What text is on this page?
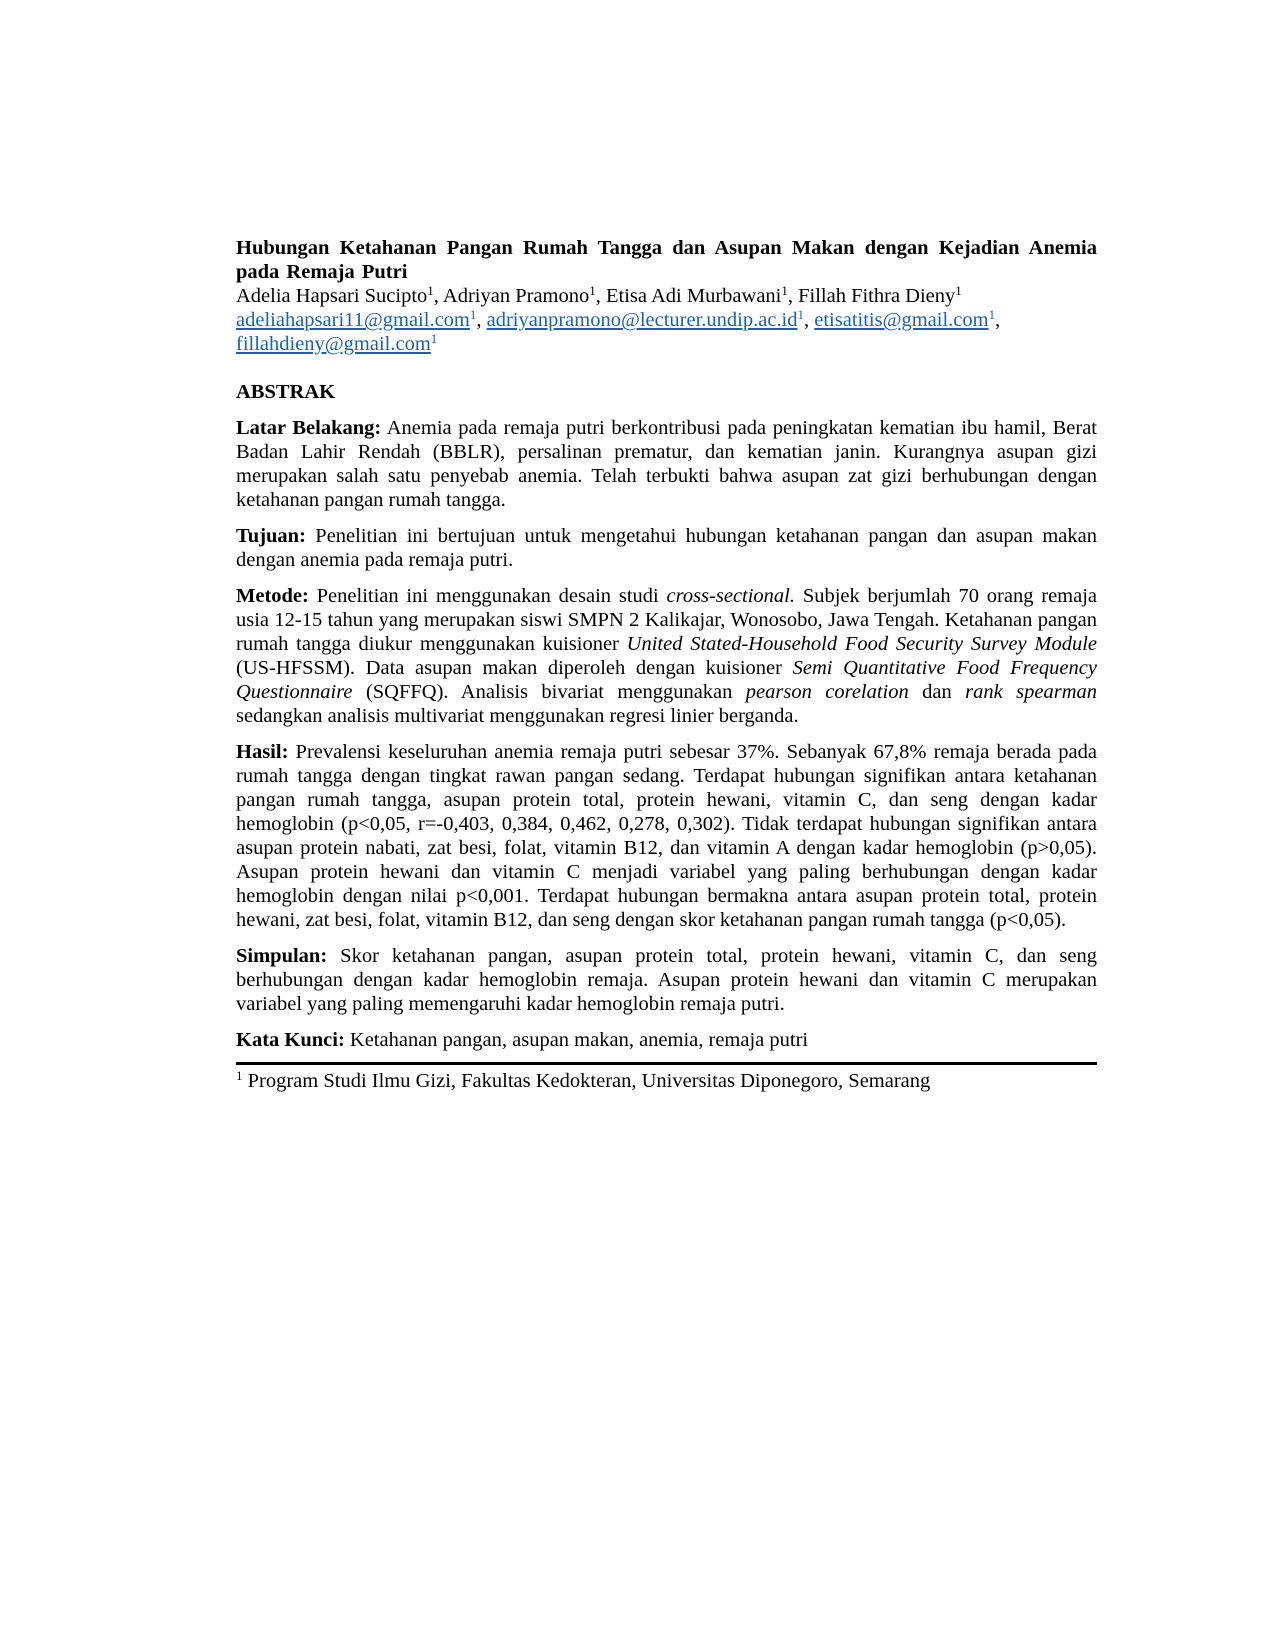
Hubungan Ketahanan Pangan Rumah Tangga dan Asupan Makan dengan Kejadian Anemia pada Remaja Putri

Adelia Hapsari Sucipto$^1$, Adriyan Pramono$^1$, Etisa Adi Murbawani$^1$, Fillah Fithra Dieny$^1$

adeliahapsari11@gmail.com$^1$, $adriyanpramono@lecturer.undip.ac.id^1$, etisatitis@gmail.com$^1$,
fillahdieny@gmail.com$^1$

ABSTRAK

Latar Belakang: Anemia pada remaja putri berkontribusi pada peningkatan kematian ibu hamil, Berat Badan Lahir Rendah (BBLR), persalinan prematur, dan kematian janin. Kurangnya asupan gizi merupakan salah satu penyebab anemia. Telah terbukti bahwa asupan zat gizi berhubungan dengan ketahanan pangan rumah tangga.

Tujuan: Penelitian ini bertujuan untuk mengetahui hubungan ketahanan pangan dan asupan makan dengan anemia pada remaja putri.

Metode: Penelitian ini menggunakan desain studi cross-sectional. Subjek berjumlah 70 orang remaja usia 12-15 tahun yang merupakan siswi SMPN 2 Kalikajar, Wonosobo, Jawa Tengah. Ketahanan pangan rumah tangga diukur menggunakan kuisioner United Stated-Household Food Security Survey Module (US-HFSSM). Data asupan makan diperoleh dengan kuisioner Semi Quantitative Food Frequency Questionnaire (SQFFQ). Analisis bivariat menggunakan pearson corelation dan rank spearman sedangkan analisis multivariat menggunakan regresi linier berganda.

Hasil: Prevalensi keseluruhan anemia remaja putri sebesar 37%. Sebanyak 67,8% remaja berada pada rumah tangga dengan tingkat rawan pangan sedang. Terdapat hubungan signifikan antara ketahanan pangan rumah tangga, asupan protein total, protein hewani, vitamin C, dan seng dengan kadar hemoglobin (p<0,05, r=-0,403, 0,384, 0,462, 0,278, 0,302). Tidak terdapat hubungan signifikan antara asupan protein nabati, zat besi, folat, vitamin B12, dan vitamin A dengan kadar hemoglobin (p>0,05). Asupan protein hewani dan vitamin C menjadi variabel yang paling berhubungan dengan kadar hemoglobin dengan nilai p<0,001. Terdapat hubungan bermakna antara asupan protein total, protein hewani, zat besi, folat, vitamin B12, dan seng dengan skor ketahanan pangan rumah tangga (p<0,05).

Simpulan: Skor ketahanan pangan, asupan protein total, protein hewani, vitamin C, dan seng berhubungan dengan kadar hemoglobin remaja. Asupan protein hewani dan vitamin C merupakan variabel yang paling memengaruhi kadar hemoglobin remaja putri.

Kata Kunci: Ketahanan pangan, asupan makan, anemia, remaja putri

$^1$ Program Studi Ilmu Gizi, Fakultas Kedokteran, Universitas Diponegoro, Semarang
